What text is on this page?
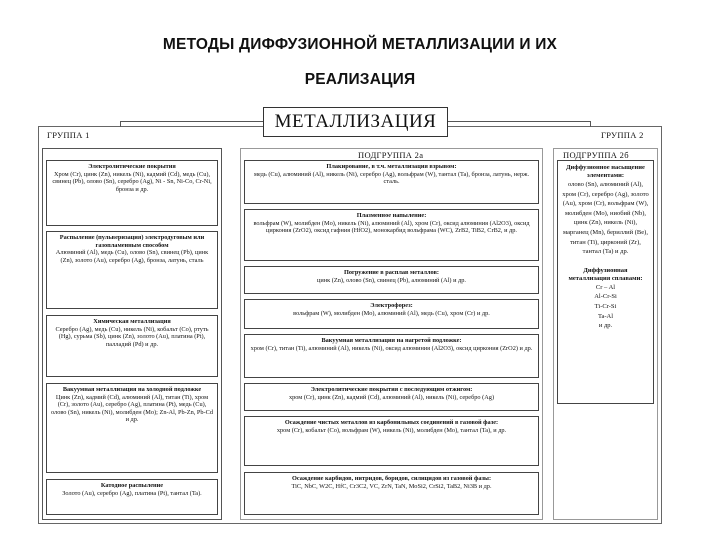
МЕТОДЫ ДИФФУЗИОННОЙ МЕТАЛЛИЗАЦИИ И ИХ
РЕАЛИЗАЦИЯ
МЕТАЛЛИЗАЦИЯ
ГРУППА 1	ГРУППА 2
ПОДГРУППА 2а	ПОДГРУППА 2б
Электролитические покрытия
Хром (Cr), цинк (Zn), никель (Ni), кадмий (Cd), медь (Cu), свинец (Pb), олово (Sn), серебро (Ag), Ni - Sn, Ni-Co, Cr-Ni, бронза и др.
Распыление (пульверизация) электродуговым или газопламенным способом
Алюминий (Al), медь (Cu), олово (Sn), свинец (Pb), цинк (Zn), золото (Au), серебро (Ag), бронза, латунь, сталь
Химическая металлизация
Серебро (Ag), медь (Cu), никель (Ni), кобальт (Co), ртуть (Hg), сурьма (Sb), цинк (Zn), золото (Au), платина (Pt), палладий (Pd) и др.
Вакуумная металлизация на холодной подложке
Цинк (Zn), кадмий (Cd), алюминий (Al), титан (Ti), хром (Cr), золото (Au), серебро (Ag), платина (Pt), медь (Cu), олово (Sn), никель (Ni), молибден (Mo); Zn-Al, Pb-Zn, Pb-Cd и др.
Катодное распыление
Золото (Au), серебро (Ag), платина (Pt), тантал (Ta).
Плакирование, в т.ч. металлизация взрывом:
медь (Cu), алюминий (Al), никель (Ni), серебро (Ag), вольфрам (W), тантал (Ta), бронза, латунь, нерж. сталь.
Плазменное напыление:
вольфрам (W), молибден (Mo), никель (Ni), алюминий (Al), хром (Cr), оксид алюминия (Al2O3), оксид циркония (ZrO2), оксид гафния (HfO2), монокарбид вольфрама (WC), ZrB2, TiB2, CrB2, и др.
Погружение в расплав металлов:
цинк (Zn), олово (Sn), свинец (Pb), алюминий (Al) и др.
Электрофорез:
вольфрам (W), молибден (Mo), алюминий (Al), медь (Cu), хром (Cr) и др.
Вакуумная металлизация на нагретой подложке:
хром (Cr), титан (Ti), алюминий (Al), никель (Ni), оксид алюминия (Al2O3), оксид циркония (ZrO2) и др.
Электролитические покрытия с последующим отжигом:
хром (Cr), цинк (Zn), кадмий (Cd), алюминий (Al), никель (Ni), серебро (Ag)
Осаждение чистых металлов из карбонильных соединений в газовой фазе:
хром (Cr), кобальт (Co), вольфрам (W), никель (Ni), молибден (Mo), тантал (Ta), и др.
Осаждение карбидов, нитридов, боридов, силицидов из газовой фазы:
TiC, NbC, W2C, HfC, Cr3C2, VC, ZrN, TaN, MoSi2, CrSi2, TaB2, Ni3B и др.
Диффузионное насыщение элементами:
олово (Sn), алюминий (Al), хром (Cr), серебро (Ag), золото (Au), хром (Cr), вольфрам (W), молибден (Mo), ниобий (Nb), цинк (Zn), никель (Ni), марганец (Mn), бериллий (Be), титан (Ti), цирконий (Zr), тантал (Ta) и др.
Диффузионная металлизация сплавами:
Cr – Al
Al-Cr-Si
Ti-Cr-Si
Ta-Al
и др.
